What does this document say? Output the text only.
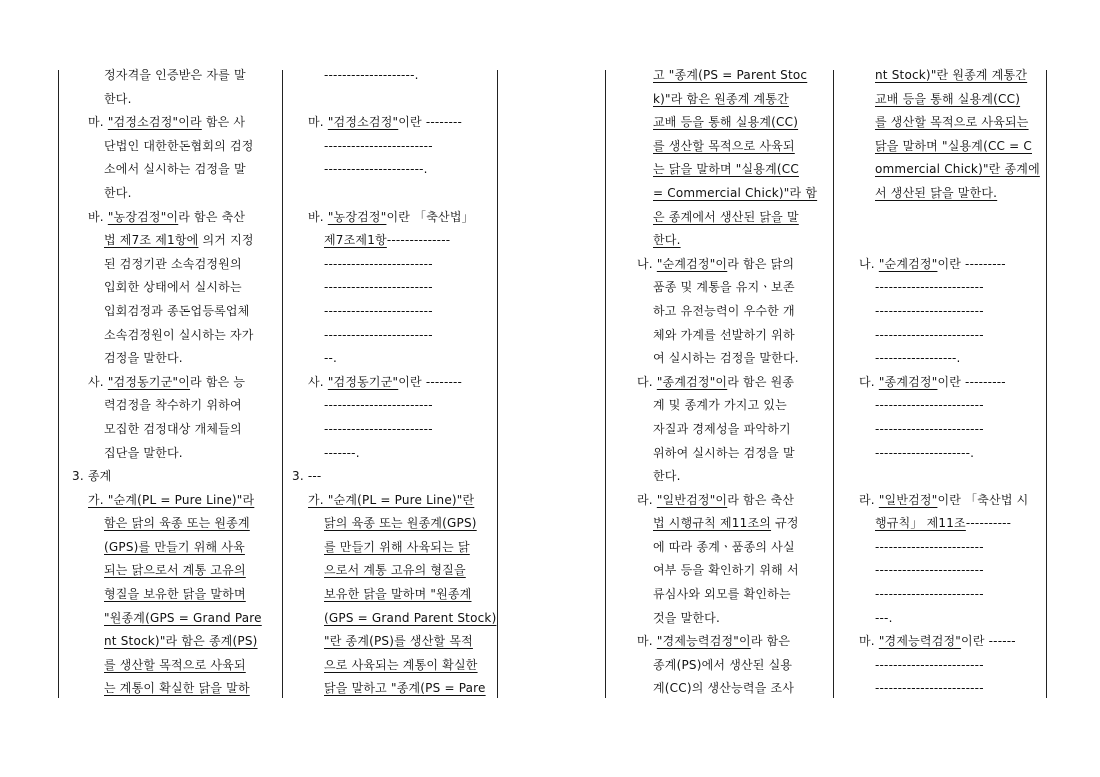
정자격을 인증받은 자를 말

한다.

마. "검정소검정"이라 함은 사

단법인 대한한돈협회의 검정

소에서 실시하는 검정을 말

한다.

바. "농장검정"이라 함은 축산

법 제7조 제1항에 의거 지정

된 검정기관 소속검정원의

입회한 상태에서 실시하는

입회검정과 종돈업등록업체

소속검정원이 실시하는 자가

검정을 말한다.

사. "검정동기군"이라 함은 능

력검정을 착수하기 위하여

모집한 검정대상 개체들의

집단을 말한다.

3. 종계

가. "순계(PL = Pure Line)"라

함은 닭의 육종 또는 원종계

(GPS)를 만들기 위해 사육

되는 닭으로서 계통 고유의

형질을 보유한 닭을 말하며

"원종계(GPS = Grand Pare

nt Stock)"라 함은 종계(PS)

를 생산할 목적으로 사육되

는 계통이 확실한 닭을 말하

--------------------.

마. "검정소검정"이란 --------

------------------------

----------------------.

바. "농장검정"이란 「축산법」

제7조제1항--------------

------------------------

------------------------

------------------------

------------------------

--.

사. "검정동기군"이란 --------

------------------------

------------------------

-------.

3. ---

가. "순계(PL = Pure Line)"란

닭의 육종 또는 원종계(GPS)

를 만들기 위해 사육되는 닭

으로서 계통 고유의 형질을

보유한 닭을 말하며 "원종계

(GPS = Grand Parent Stock)

"란 종계(PS)를 생산할 목적

으로 사육되는 계통이 확실한

닭을 말하고 "종계(PS = Pare

고 "종계(PS = Parent Stoc

k)"라 함은 원종계 계통간

교배 등을 통해 실용계(CC)

를 생산할 목적으로 사육되

는 닭을 말하며 "실용계(CC

= Commercial Chick)"라 함

은 종계에서 생산된 닭을 말

한다.

나. "순계검정"이라 함은 닭의

품종 및 계통을 유지ㆍ보존

하고 유전능력이 우수한 개

체와 가계를 선발하기 위하

여 실시하는 검정을 말한다.

다. "종계검정"이라 함은 원종

계 및 종계가 가지고 있는

자질과 경제성을 파악하기

위하여 실시하는 검정을 말

한다.

라. "일반검정"이라 함은 축산

법 시행규칙 제11조의 규정

에 따라 종계ㆍ품종의 사실

여부 등을 확인하기 위해 서

류심사와 외모를 확인하는

것을 말한다.

마. "경제능력검정"이라 함은

종계(PS)에서 생산된 실용

계(CC)의 생산능력을 조사

nt Stock)"란 원종계 계통간

교배 등을 통해 실용계(CC)

를 생산할 목적으로 사육되는

닭을 말하며 "실용계(CC = C

ommercial Chick)"란 종계에

서 생산된 닭을 말한다.

나. "순계검정"이란 ---------

------------------------

------------------------

------------------------

------------------.

다. "종계검정"이란 ---------

------------------------

------------------------

---------------------.

라. "일반검정"이란 「축산법 시

행규칙」 제11조----------

------------------------

------------------------

------------------------

---.

마. "경제능력검정"이란 ------

------------------------

------------------------
